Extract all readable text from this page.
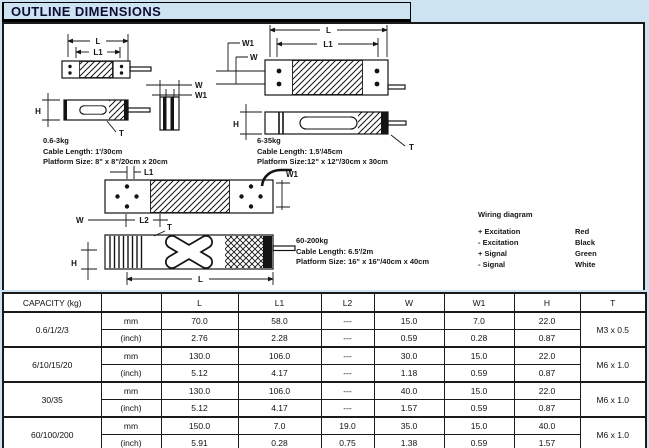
OUTLINE DIMENSIONS
0.6-3kg
Cable Length: 1'/30cm
Platform Size: 8" x 8"/20cm x 20cm
6-35kg
Cable Length: 1.5'/45cm
Platform Size:12" x 12"/30cm x 30cm
60-200kg
Cable Length: 6.5'/2m
Platform Size: 16" x 16"/40cm x 40cm
Wiring diagram
+ Excitation	Red
- Excitation	Black
+ Signal	Green
- Signal	White
L
L1
W
W1
H
T
L
L1
W1
W
H
T
L1	W1
W	L2
T
H
L
CAPACITY (kg)		L	L1	L2	W	W1	H	T
0.6/1/2/3	mm	70.0	58.0	---	15.0	7.0	22.0	M3 x 0.5
	(inch)	2.76	2.28	---	0.59	0.28	0.87	
6/10/15/20	mm	130.0	106.0	---	30.0	15.0	22.0	M6 x 1.0
	(inch)	5.12	4.17	---	1.18	0.59	0.87	
30/35	mm	130.0	106.0	---	40.0	15.0	22.0	M6 x 1.0
	(inch)	5.12	4.17	---	1.57	0.59	0.87	
60/100/200	mm	150.0	7.0	19.0	35.0	15.0	40.0	M6 x 1.0
	(inch)	5.91	0.28	0.75	1.38	0.59	1.57	
